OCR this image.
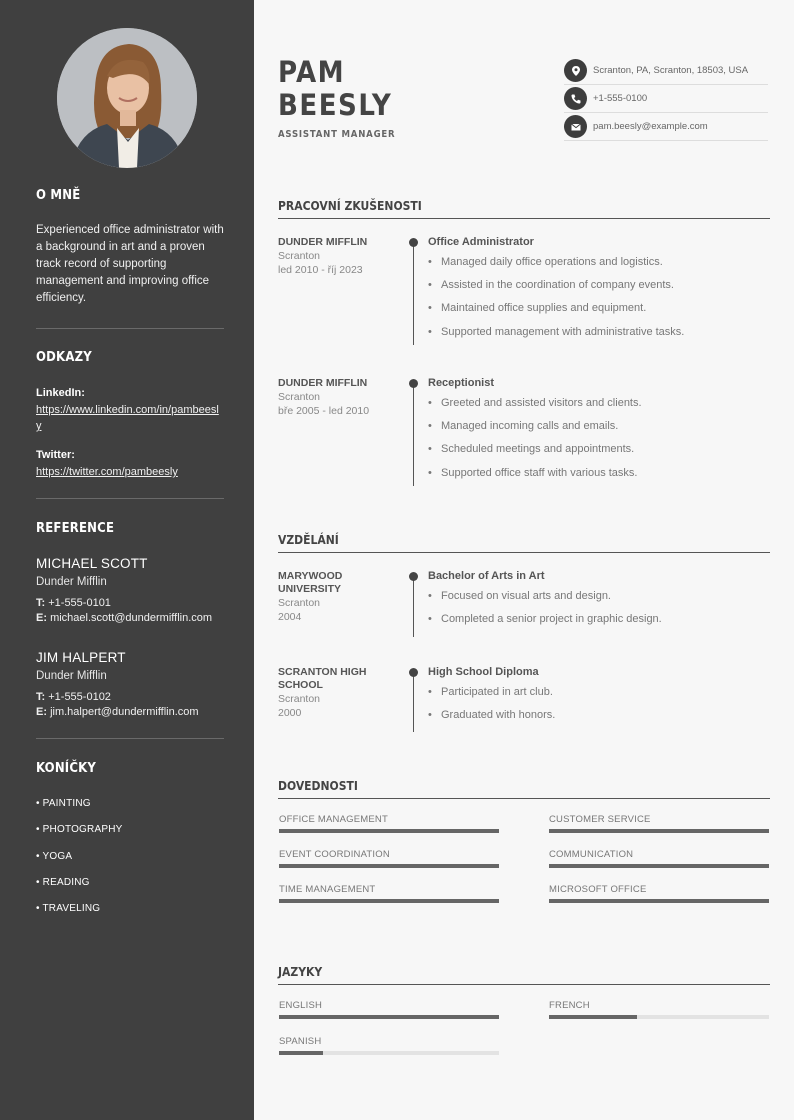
O MNĚ
Experienced office administrator with a background in art and a proven track record of supporting management and improving office efficiency.
ODKAZY
LinkedIn:
https://www.linkedin.com/in/pambeesly
Twitter:
https://twitter.com/pambeesly
REFERENCE
MICHAEL SCOTT
Dunder Mifflin
T: +1-555-0101
E: michael.scott@dundermifflin.com
JIM HALPERT
Dunder Mifflin
T: +1-555-0102
E: jim.halpert@dundermifflin.com
KONÍČKY
• PAINTING
• PHOTOGRAPHY
• YOGA
• READING
• TRAVELING
PAM
BEESLY
ASSISTANT MANAGER
Scranton, PA, Scranton, 18503, USA
+1-555-0100
pam.beesly@example.com
PRACOVNÍ ZKUŠENOSTI
DUNDER MIFFLIN
Scranton
led 2010 - říj 2023
Office Administrator
• Managed daily office operations and logistics.
• Assisted in the coordination of company events.
• Maintained office supplies and equipment.
• Supported management with administrative tasks.
DUNDER MIFFLIN
Scranton
bře 2005 - led 2010
Receptionist
• Greeted and assisted visitors and clients.
• Managed incoming calls and emails.
• Scheduled meetings and appointments.
• Supported office staff with various tasks.
VZDĚLÁNÍ
MARYWOOD UNIVERSITY
Scranton
2004
Bachelor of Arts in Art
• Focused on visual arts and design.
• Completed a senior project in graphic design.
SCRANTON HIGH SCHOOL
Scranton
2000
High School Diploma
• Participated in art club.
• Graduated with honors.
DOVEDNOSTI
OFFICE MANAGEMENT	CUSTOMER SERVICE
EVENT COORDINATION	COMMUNICATION
TIME MANAGEMENT	MICROSOFT OFFICE
JAZYKY
ENGLISH	FRENCH
SPANISH
